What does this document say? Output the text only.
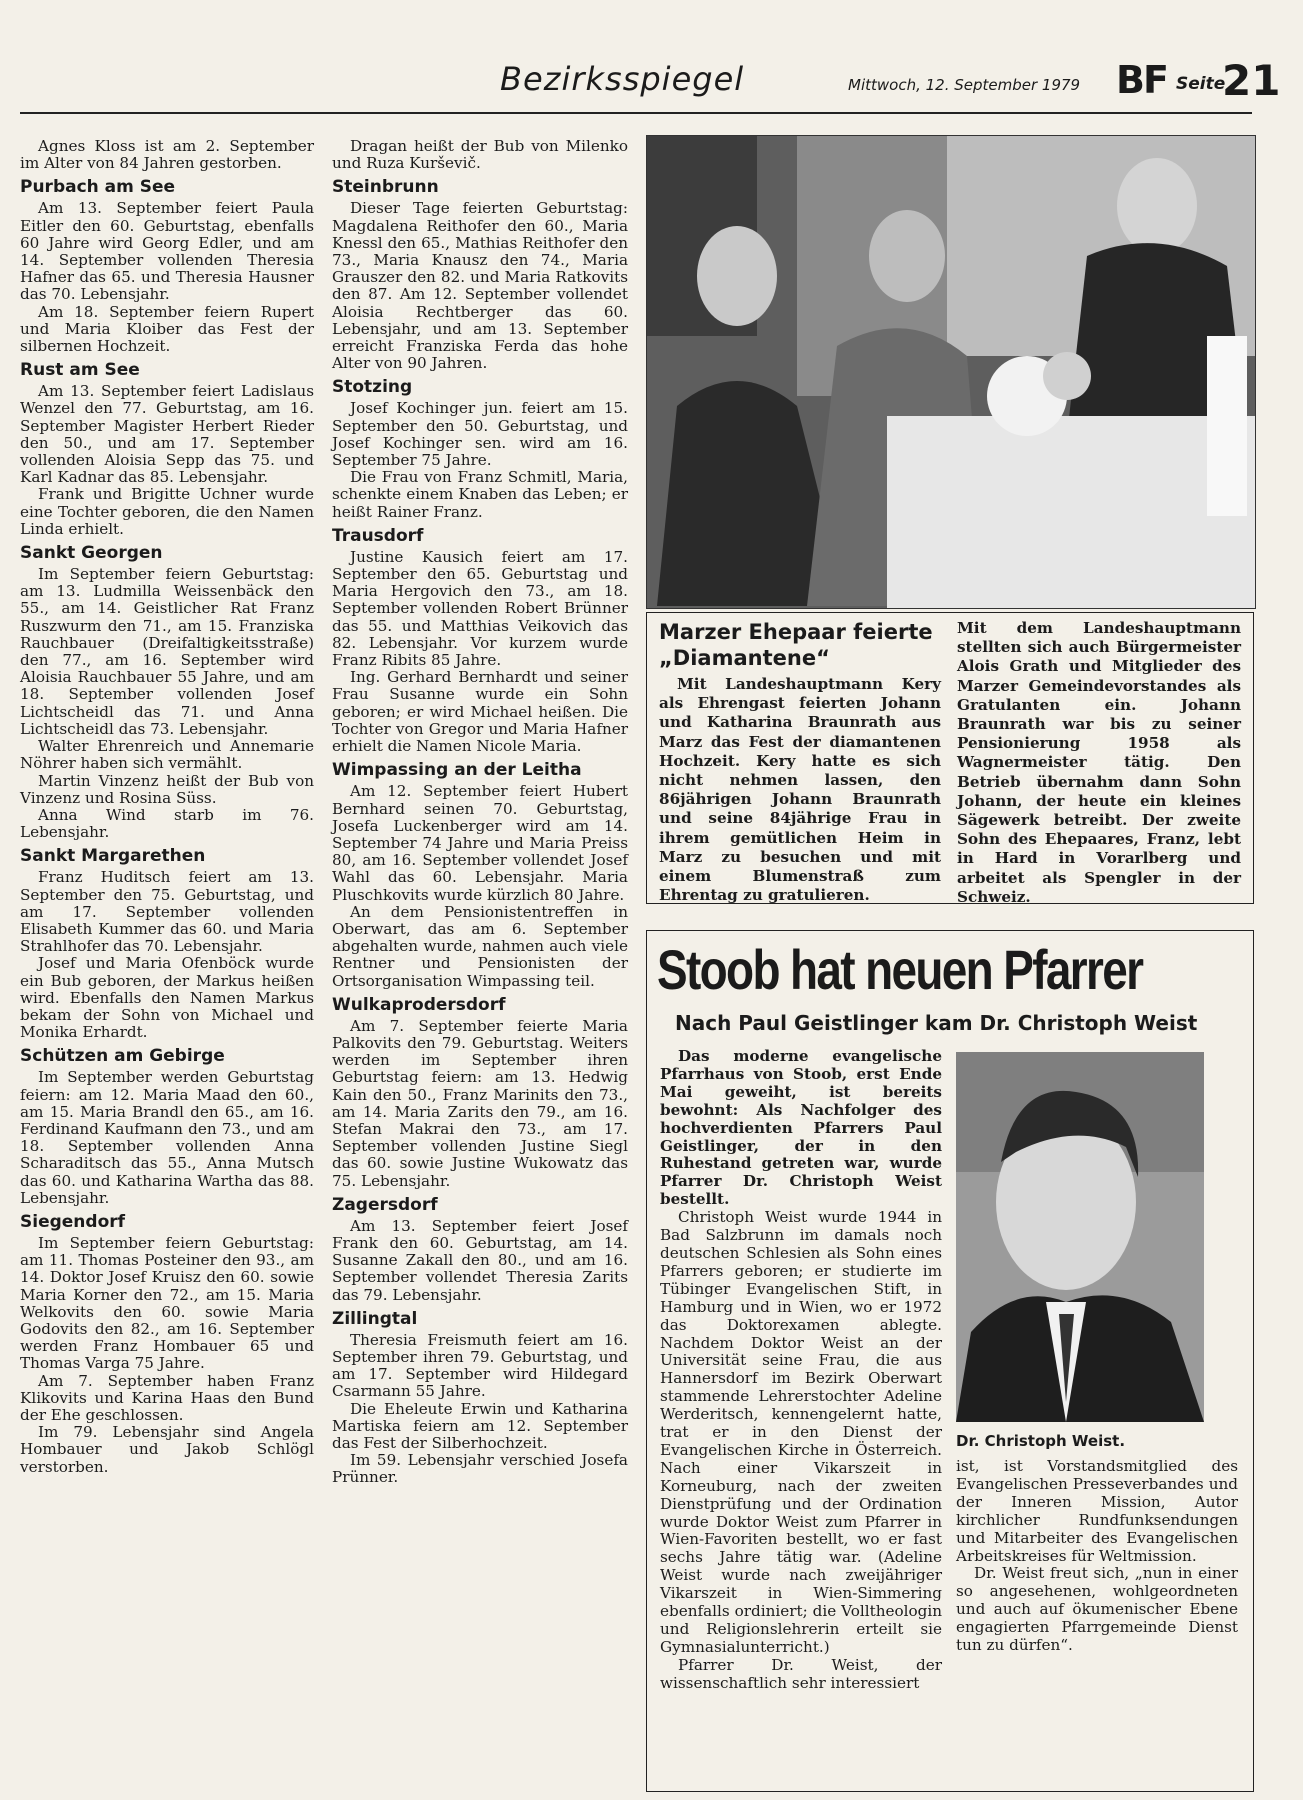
Bezirksspiegel	Mittwoch, 12. September 1979 BF Seite
21

Agnes Kloss ist am 2. September im Alter von 84 Jahren gestorben.

Purbach am See

Am 13. September feiert Paula Eitler den 60. Geburtstag, ebenfalls 60 Jahre wird Georg Edler, und am 14. September vollenden Theresia Hafner das 65. und Theresia Hausner das 70. Lebensjahr.

Am 18. September feiern Rupert und Maria Kloiber das Fest der silbernen Hochzeit.

Rust am See

Am 13. September feiert Ladislaus Wenzel den 77. Geburtstag, am 16. September Magister Herbert Rieder den 50., und am 17. September vollenden Aloisia Sepp das 75. und Karl Kadnar das 85. Lebensjahr.

Frank und Brigitte Uchner wurde eine Tochter geboren, die den Namen Linda erhielt.

Sankt Georgen

Im September feiern Geburtstag: am 13. Ludmilla Weissenbäck den 55., am 14. Geistlicher Rat Franz Ruszwurm den 71., am 15. Franziska Rauchbauer (Dreifaltigkeitsstraße) den 77., am 16. September wird Aloisia Rauchbauer 55 Jahre, und am 18. September vollenden Josef Lichtscheidl das 71. und Anna Lichtscheidl das 73. Lebensjahr.

Walter Ehrenreich und Annemarie Nöhrer haben sich vermählt.

Martin Vinzenz heißt der Bub von Vinzenz und Rosina Süss.

Anna Wind starb im 76. Lebensjahr.

Sankt Margarethen

Franz Huditsch feiert am 13. September den 75. Geburtstag, und am 17. September vollenden Elisabeth Kummer das 60. und Maria Strahlhofer das 70. Lebensjahr.

Josef und Maria Ofenböck wurde ein Bub geboren, der Markus heißen wird. Ebenfalls den Namen Markus bekam der Sohn von Michael und Monika Erhardt.

Schützen am Gebirge

Im September werden Geburtstag feiern: am 12. Maria Maad den 60., am 15. Maria Brandl den 65., am 16. Ferdinand Kaufmann den 73., und am 18. September vollenden Anna Scharaditsch das 55., Anna Mutsch das 60. und Katharina Wartha das 88. Lebensjahr.

Siegendorf

Im September feiern Geburtstag: am 11. Thomas Posteiner den 93., am 14. Doktor Josef Kruisz den 60. sowie Maria Korner den 72., am 15. Maria Welkovits den 60. sowie Maria Godovits den 82., am 16. September werden Franz Hombauer 65 und Thomas Varga 75 Jahre.

Am 7. September haben Franz Klikovits und Karina Haas den Bund der Ehe geschlossen.

Im 79. Lebensjahr sind Angela Hombauer und Jakob Schlögl verstorben.

Dragan heißt der Bub von Milenko und Ruza Kurševič.

Steinbrunn

Dieser Tage feierten Geburtstag: Magdalena Reithofer den 60., Maria Knessl den 65., Mathias Reithofer den 73., Maria Knausz den 74., Maria Grauszer den 82. und Maria Ratkovits den 87. Am 12. September vollendet Aloisia Rechtberger das 60. Lebensjahr, und am 13. September erreicht Franziska Ferda das hohe Alter von 90 Jahren.

Stotzing

Josef Kochinger jun. feiert am 15. September den 50. Geburtstag, und Josef Kochinger sen. wird am 16. September 75 Jahre.

Die Frau von Franz Schmitl, Maria, schenkte einem Knaben das Leben; er heißt Rainer Franz.

Trausdorf

Justine Kausich feiert am 17. September den 65. Geburtstag und Maria Hergovich den 73., am 18. September vollenden Robert Brünner das 55. und Matthias Veikovich das 82. Lebensjahr. Vor kurzem wurde Franz Ribits 85 Jahre.

Ing. Gerhard Bernhardt und seiner Frau Susanne wurde ein Sohn geboren; er wird Michael heißen. Die Tochter von Gregor und Maria Hafner erhielt die Namen Nicole Maria.

Wimpassing an der Leitha

Am 12. September feiert Hubert Bernhard seinen 70. Geburtstag, Josefa Luckenberger wird am 14. September 74 Jahre und Maria Preiss 80, am 16. September vollendet Josef Wahl das 60. Lebensjahr. Maria Pluschkovits wurde kürzlich 80 Jahre.

An dem Pensionistentreffen in Oberwart, das am 6. September abgehalten wurde, nahmen auch viele Rentner und Pensionisten der Ortsorganisation Wimpassing teil.

Wulkaprodersdorf

Am 7. September feierte Maria Palkovits den 79. Geburtstag. Weiters werden im September ihren Geburtstag feiern: am 13. Hedwig Kain den 50., Franz Marinits den 73., am 14. Maria Zarits den 79., am 16. Stefan Makrai den 73., am 17. September vollenden Justine Siegl das 60. sowie Justine Wukowatz das 75. Lebensjahr.

Zagersdorf

Am 13. September feiert Josef Frank den 60. Geburtstag, am 14. Susanne Zakall den 80., und am 16. September vollendet Theresia Zarits das 79. Lebensjahr.

Zillingtal

Theresia Freismuth feiert am 16. September ihren 79. Geburtstag, und am 17. September wird Hildegard Csarmann 55 Jahre.

Die Eheleute Erwin und Katharina Martiska feiern am 12. September das Fest der Silberhochzeit.

Im 59. Lebensjahr verschied Josefa Prünner.

Marzer Ehepaar feierte „Diamantene“

Mit Landeshauptmann Kery als Ehrengast feierten Johann und Katharina Braunrath aus Marz das Fest der diamantenen Hochzeit. Kery hatte es sich nicht nehmen lassen, den 86jährigen Johann Braunrath und seine 84jährige Frau in ihrem gemütlichen Heim in Marz zu besuchen und mit einem Blumenstraß zum Ehrentag zu gratulieren.

Mit dem Landeshauptmann stellten sich auch Bürgermeister Alois Grath und Mitglieder des Marzer Gemeindevorstandes als Gratulanten ein. Johann Braunrath war bis zu seiner Pensionierung 1958 als Wagnermeister tätig. Den Betrieb übernahm dann Sohn Johann, der heute ein kleines Sägewerk betreibt. Der zweite Sohn des Ehepaares, Franz, lebt in Hard in Vorarlberg und arbeitet als Spengler in der Schweiz.

Stoob hat neuen Pfarrer
Nach Paul Geistlinger kam Dr. Christoph Weist

Das moderne evangelische Pfarrhaus von Stoob, erst Ende Mai geweiht, ist bereits bewohnt: Als Nachfolger des hochverdienten Pfarrers Paul Geistlinger, der in den Ruhestand getreten war, wurde Pfarrer Dr. Christoph Weist bestellt.

Christoph Weist wurde 1944 in Bad Salzbrunn im damals noch deutschen Schlesien als Sohn eines Pfarrers geboren; er studierte im Tübinger Evangelischen Stift, in Hamburg und in Wien, wo er 1972 das Doktorexamen ablegte. Nachdem Doktor Weist an der Universität seine Frau, die aus Hannersdorf im Bezirk Oberwart stammende Lehrerstochter Adeline Werderitsch, kennengelernt hatte, trat er in den Dienst der Evangelischen Kirche in Österreich. Nach einer Vikarszeit in Korneuburg, nach der zweiten Dienstprüfung und der Ordination wurde Doktor Weist zum Pfarrer in Wien-Favoriten bestellt, wo er fast sechs Jahre tätig war. (Adeline Weist wurde nach zweijähriger Vikarszeit in Wien-Simmering ebenfalls ordiniert; die Volltheologin und Religionslehrerin erteilt sie Gymnasialunterricht.)

Pfarrer Dr. Weist, der wissenschaftlich sehr interessiert

Dr. Christoph Weist.

ist, ist Vorstandsmitglied des Evangelischen Presseverbandes und der Inneren Mission, Autor kirchlicher Rundfunksendungen und Mitarbeiter des Evangelischen Arbeitskreises für Weltmission.

Dr. Weist freut sich, „nun in einer so angesehenen, wohlgeordneten und auch auf ökumenischer Ebene engagierten Pfarrgemeinde Dienst tun zu dürfen“.
